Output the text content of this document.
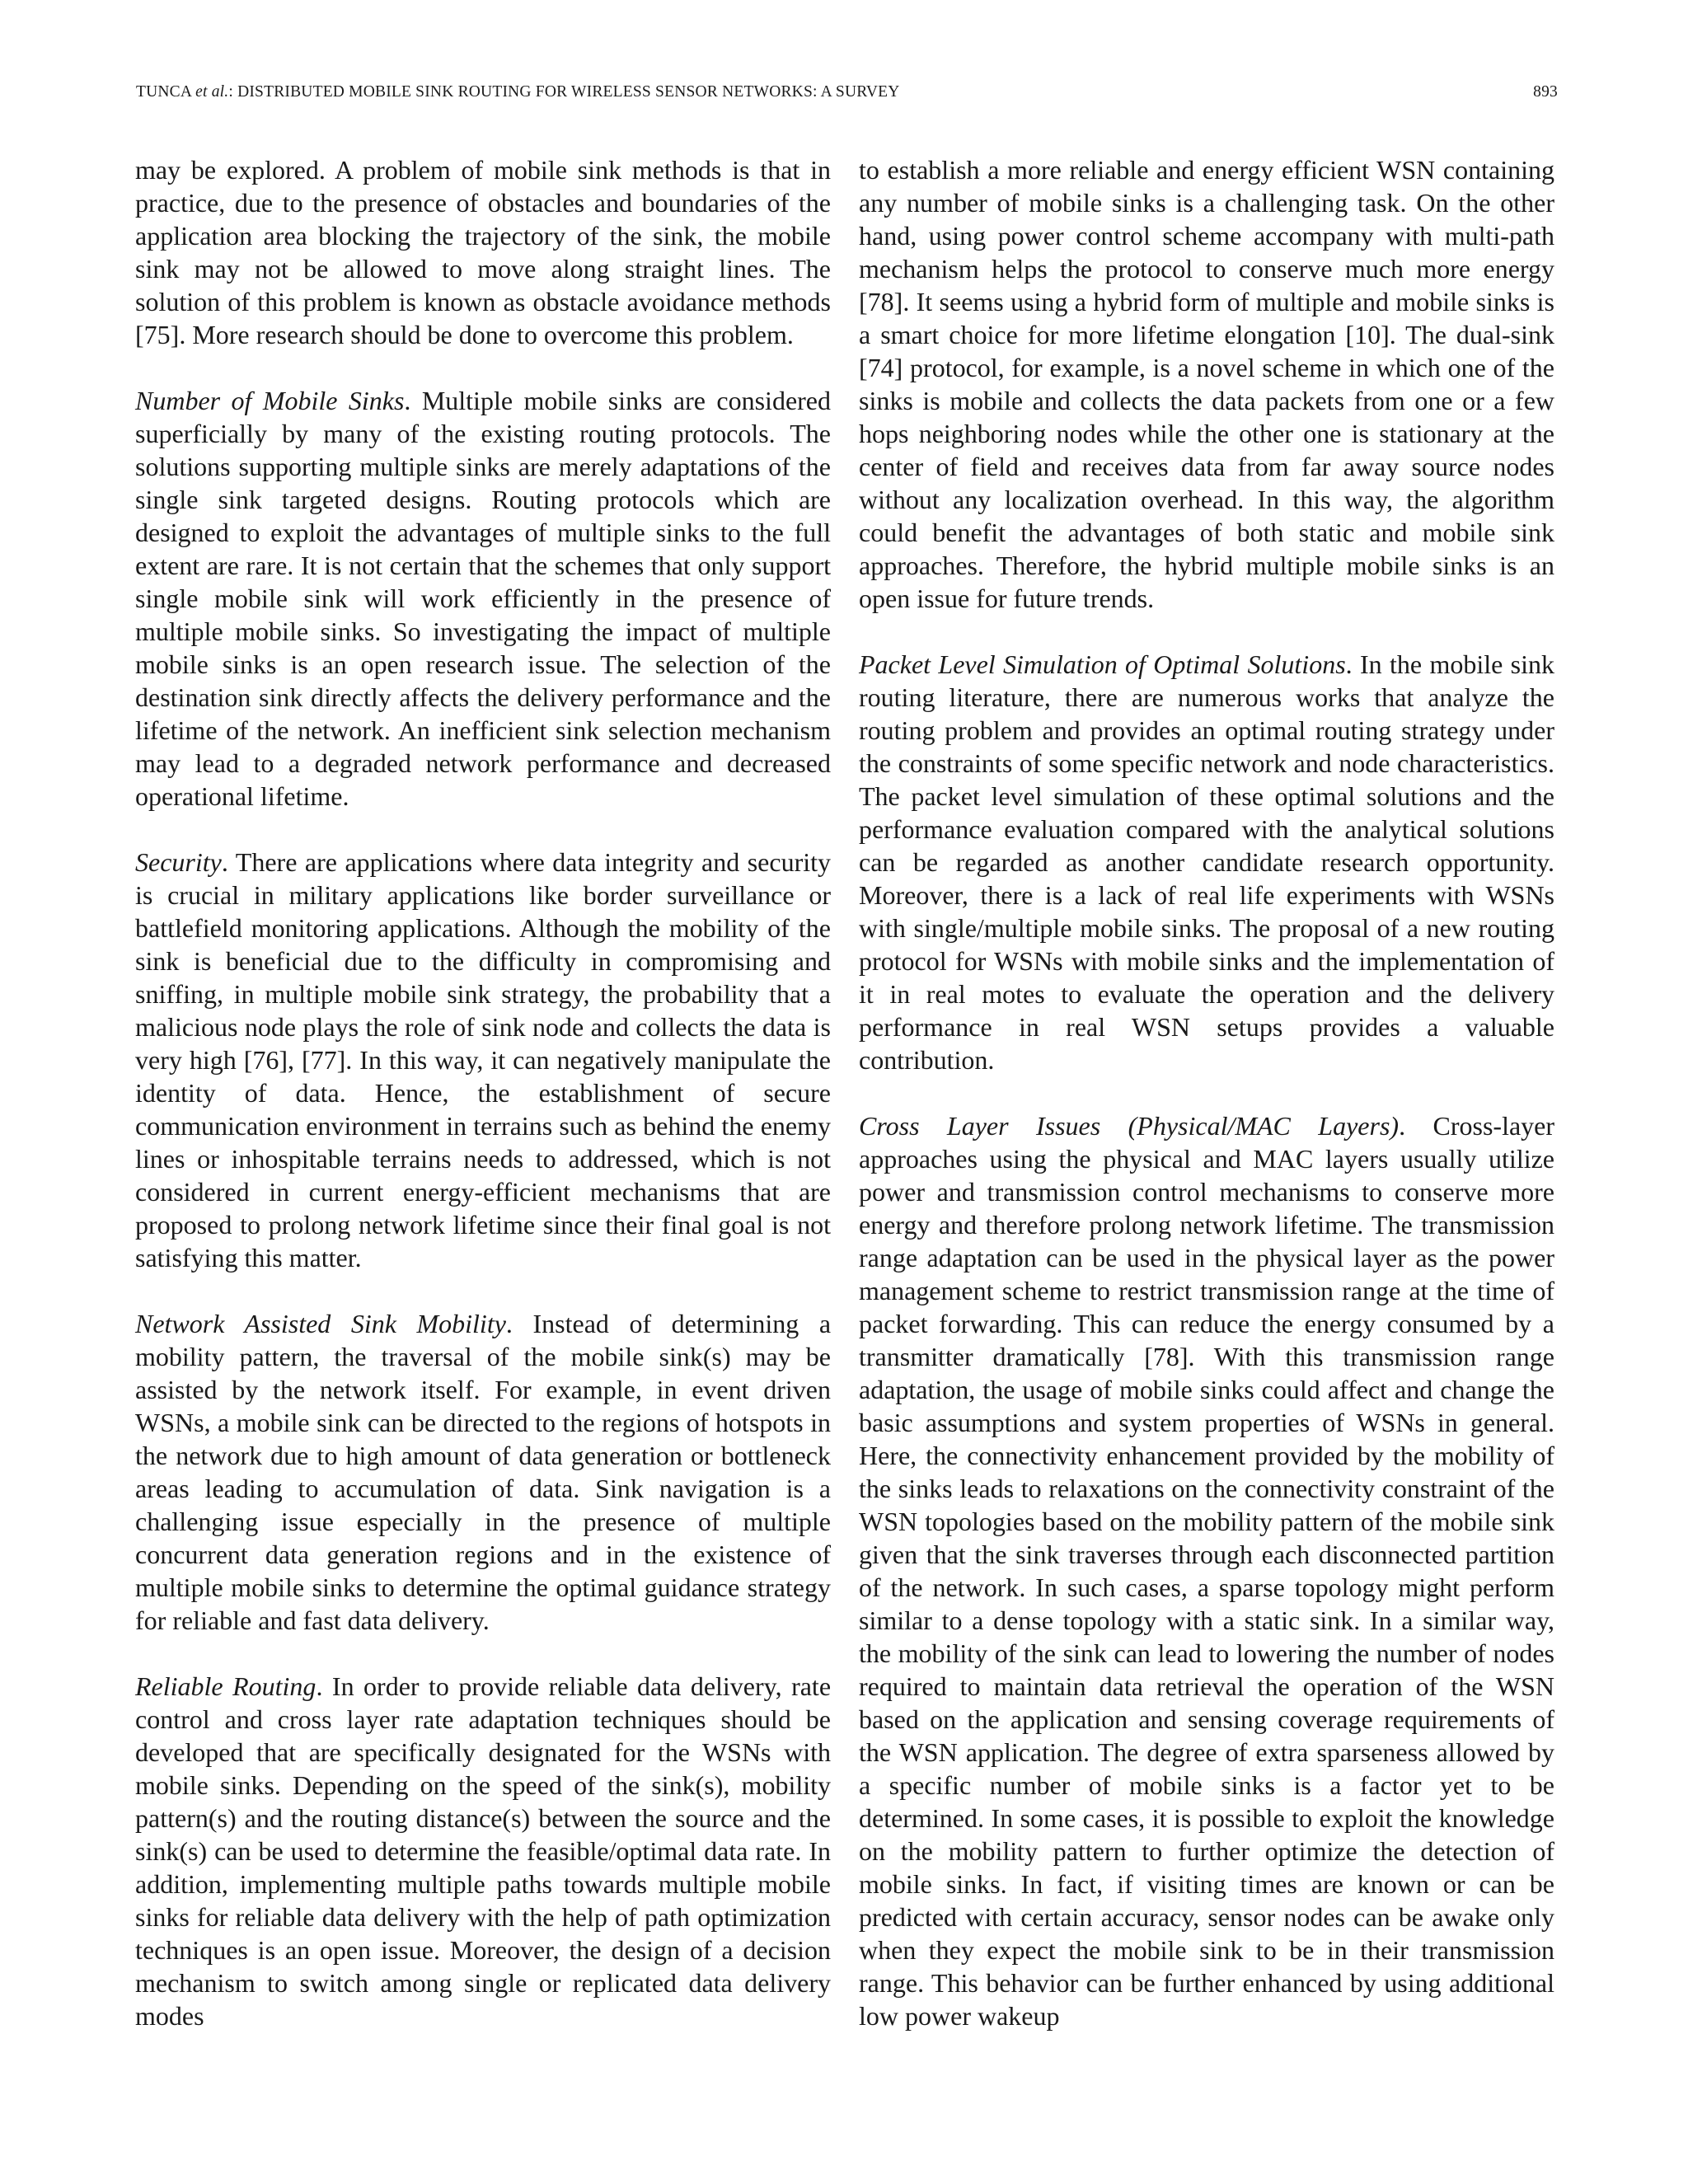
TUNCA et al.: DISTRIBUTED MOBILE SINK ROUTING FOR WIRELESS SENSOR NETWORKS: A SURVEY	893

may be explored. A problem of mobile sink methods is that in practice, due to the presence of obstacles and boundaries of the application area blocking the trajectory of the sink, the mobile sink may not be allowed to move along straight lines. The solution of this problem is known as obstacle avoidance methods [75]. More research should be done to overcome this problem.

Number of Mobile Sinks. Multiple mobile sinks are considered superficially by many of the existing routing protocols. The solutions supporting multiple sinks are merely adaptations of the single sink targeted designs. Routing protocols which are designed to exploit the advantages of multiple sinks to the full extent are rare. It is not certain that the schemes that only support single mobile sink will work efficiently in the presence of multiple mobile sinks. So investigating the impact of multiple mobile sinks is an open research issue. The selection of the destination sink directly affects the delivery performance and the lifetime of the network. An inefficient sink selection mechanism may lead to a degraded network performance and decreased operational lifetime.

Security. There are applications where data integrity and security is crucial in military applications like border surveillance or battlefield monitoring applications. Although the mobility of the sink is beneficial due to the difficulty in compromising and sniffing, in multiple mobile sink strategy, the probability that a malicious node plays the role of sink node and collects the data is very high [76], [77]. In this way, it can negatively manipulate the identity of data. Hence, the establishment of secure communication environment in terrains such as behind the enemy lines or inhospitable terrains needs to addressed, which is not considered in current energy-efficient mechanisms that are proposed to prolong network lifetime since their final goal is not satisfying this matter.

Network Assisted Sink Mobility. Instead of determining a mobility pattern, the traversal of the mobile sink(s) may be assisted by the network itself. For example, in event driven WSNs, a mobile sink can be directed to the regions of hotspots in the network due to high amount of data generation or bottleneck areas leading to accumulation of data. Sink navigation is a challenging issue especially in the presence of multiple concurrent data generation regions and in the existence of multiple mobile sinks to determine the optimal guidance strategy for reliable and fast data delivery.

Reliable Routing. In order to provide reliable data delivery, rate control and cross layer rate adaptation techniques should be developed that are specifically designated for the WSNs with mobile sinks. Depending on the speed of the sink(s), mobility pattern(s) and the routing distance(s) between the source and the sink(s) can be used to determine the feasible/optimal data rate. In addition, implementing multiple paths towards multiple mobile sinks for reliable data delivery with the help of path optimization techniques is an open issue. Moreover, the design of a decision mechanism to switch among single or replicated data delivery modes

to establish a more reliable and energy efficient WSN containing any number of mobile sinks is a challenging task. On the other hand, using power control scheme accompany with multi-path mechanism helps the protocol to conserve much more energy [78]. It seems using a hybrid form of multiple and mobile sinks is a smart choice for more lifetime elongation [10]. The dual-sink [74] protocol, for example, is a novel scheme in which one of the sinks is mobile and collects the data packets from one or a few hops neighboring nodes while the other one is stationary at the center of field and receives data from far away source nodes without any localization overhead. In this way, the algorithm could benefit the advantages of both static and mobile sink approaches. Therefore, the hybrid multiple mobile sinks is an open issue for future trends.

Packet Level Simulation of Optimal Solutions. In the mobile sink routing literature, there are numerous works that analyze the routing problem and provides an optimal routing strategy under the constraints of some specific network and node characteristics. The packet level simulation of these optimal solutions and the performance evaluation compared with the analytical solutions can be regarded as another candidate research opportunity. Moreover, there is a lack of real life experiments with WSNs with single/multiple mobile sinks. The proposal of a new routing protocol for WSNs with mobile sinks and the implementation of it in real motes to evaluate the operation and the delivery performance in real WSN setups provides a valuable contribution.

Cross Layer Issues (Physical/MAC Layers). Cross-layer approaches using the physical and MAC layers usually utilize power and transmission control mechanisms to conserve more energy and therefore prolong network lifetime. The transmission range adaptation can be used in the physical layer as the power management scheme to restrict transmission range at the time of packet forwarding. This can reduce the energy consumed by a transmitter dramatically [78]. With this transmission range adaptation, the usage of mobile sinks could affect and change the basic assumptions and system properties of WSNs in general. Here, the connectivity enhancement provided by the mobility of the sinks leads to relaxations on the connectivity constraint of the WSN topologies based on the mobility pattern of the mobile sink given that the sink traverses through each disconnected partition of the network. In such cases, a sparse topology might perform similar to a dense topology with a static sink. In a similar way, the mobility of the sink can lead to lowering the number of nodes required to maintain data retrieval the operation of the WSN based on the application and sensing coverage requirements of the WSN application. The degree of extra sparseness allowed by a specific number of mobile sinks is a factor yet to be determined. In some cases, it is possible to exploit the knowledge on the mobility pattern to further optimize the detection of mobile sinks. In fact, if visiting times are known or can be predicted with certain accuracy, sensor nodes can be awake only when they expect the mobile sink to be in their transmission range. This behavior can be further enhanced by using additional low power wakeup
